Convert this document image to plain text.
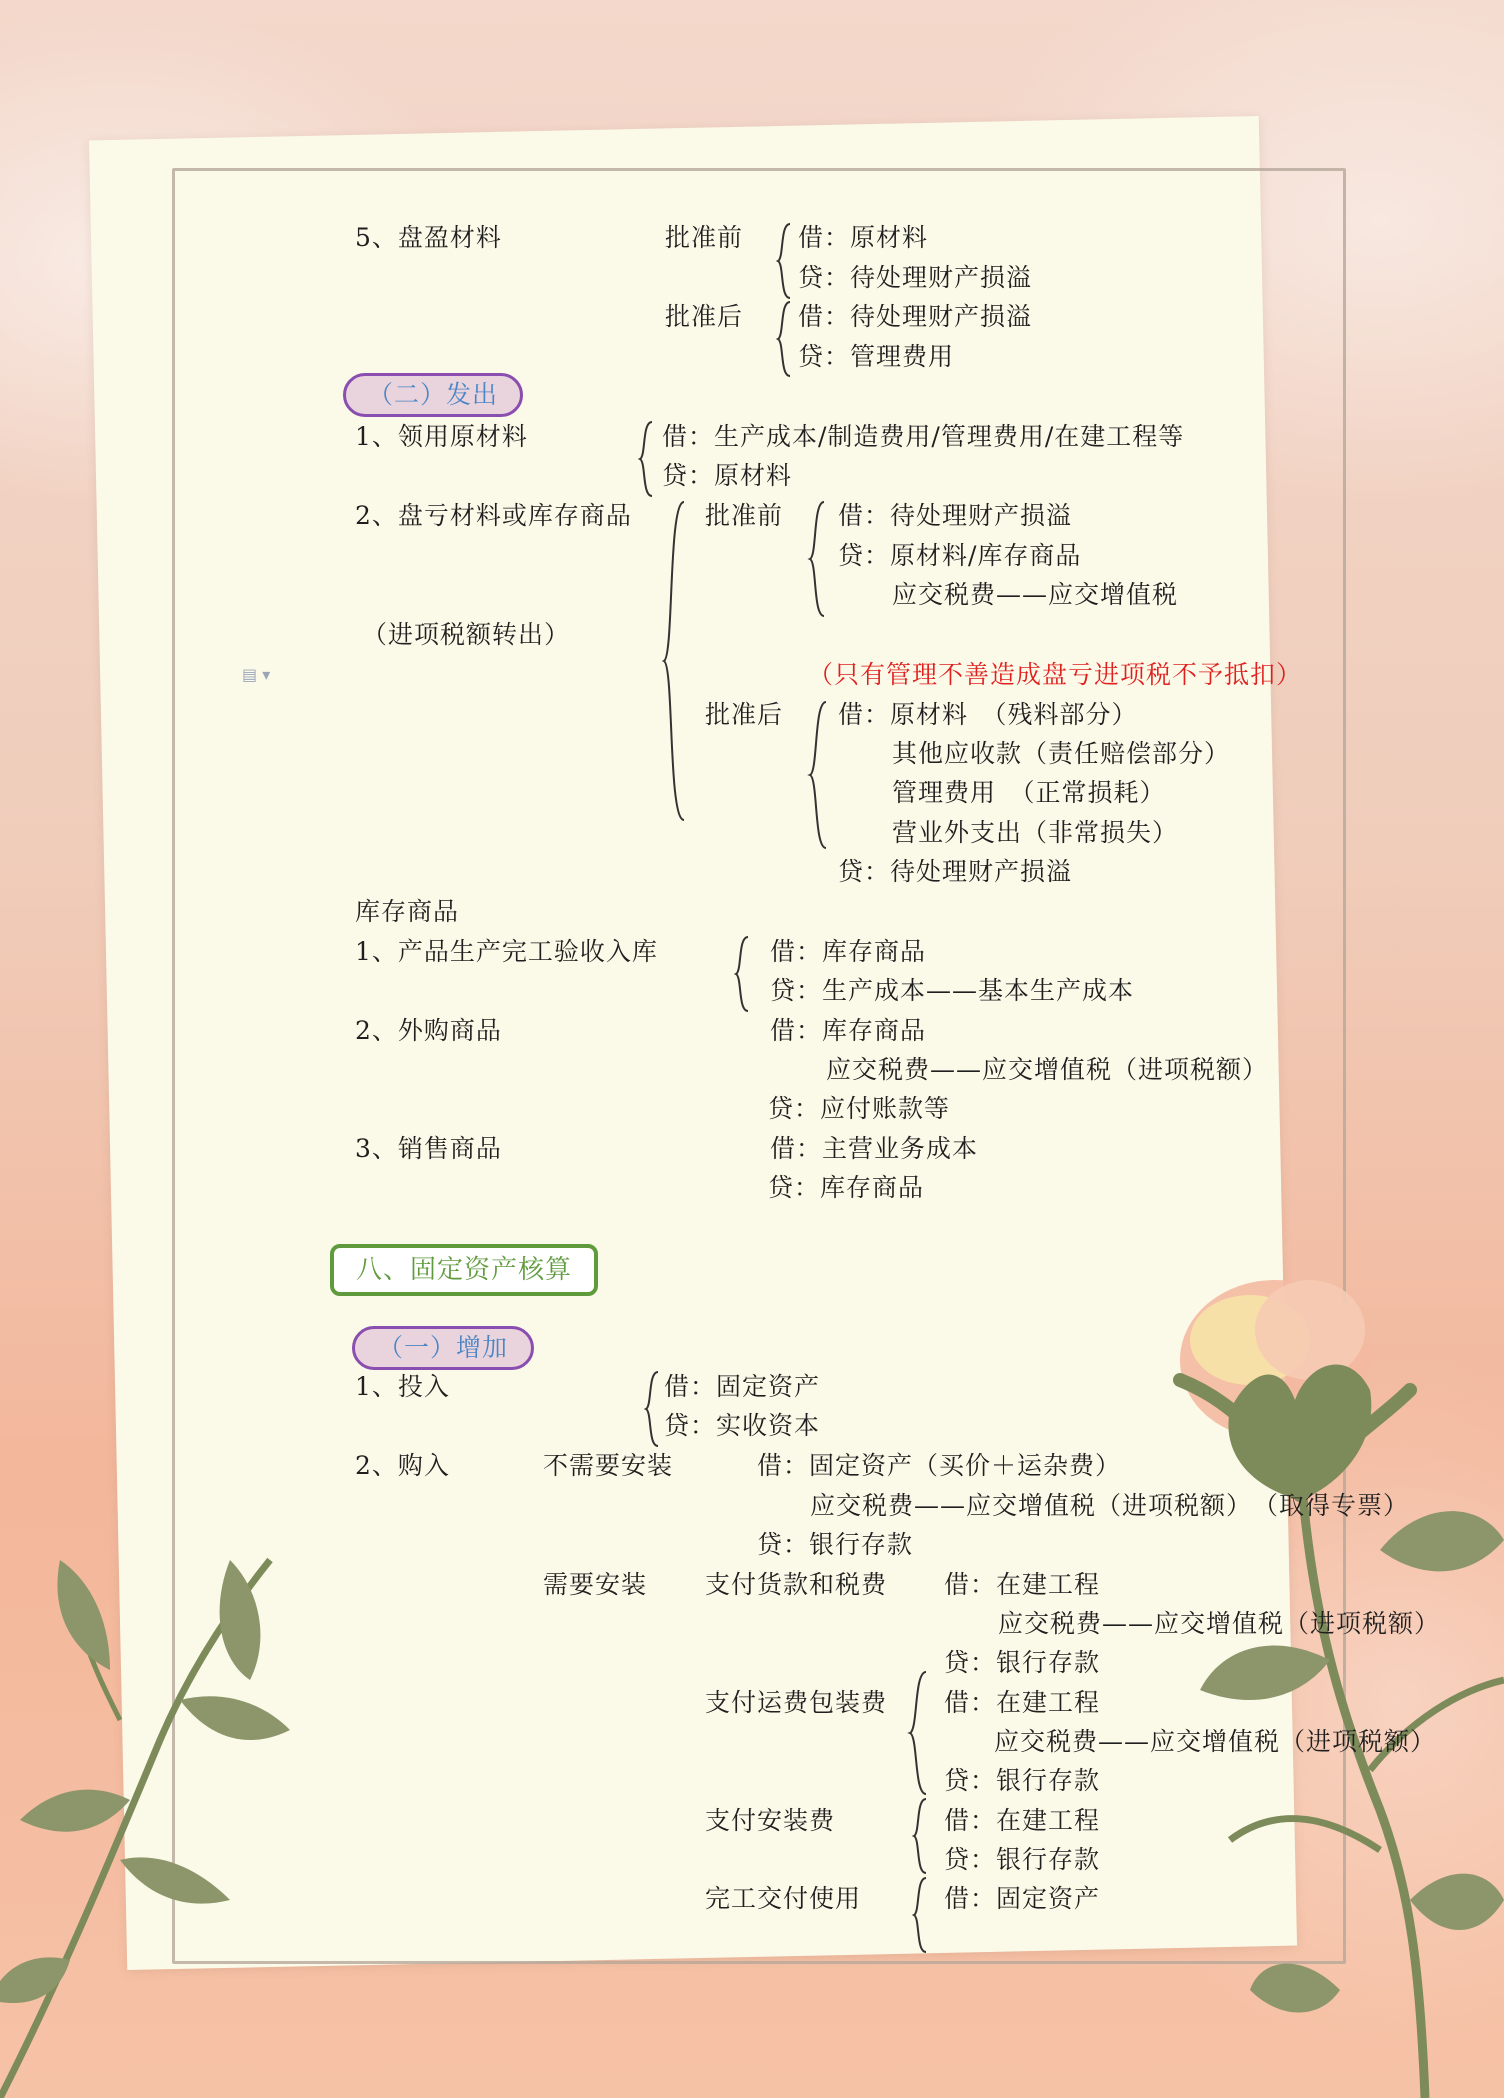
▤ ▾
5、盘盈材料	批准前 借：原材料
贷：待处理财产损溢
批准后 借：待处理财产损溢
贷：管理费用
（二）发出
1、领用原材料	借：生产成本/制造费用/管理费用/在建工程等
贷：原材料
2、盘亏材料或库存商品	批准前 借：待处理财产损溢
贷：原材料/库存商品
应交税费——应交增值税
（进项税额转出）
（只有管理不善造成盘亏进项税不予抵扣）
批准后 借：原材料　（残料部分）
其他应收款（责任赔偿部分）
管理费用　（正常损耗）
营业外支出（非常损失）
贷：待处理财产损溢
库存商品
1、产品生产完工验收入库	借：库存商品
贷：生产成本——基本生产成本
2、外购商品	借：库存商品
应交税费——应交增值税（进项税额）
贷：应付账款等
3、销售商品	借：主营业务成本
贷：库存商品
八、固定资产核算
（一）增加
1、投入	借：固定资产
贷：实收资本
2、购入	不需要安装	借：固定资产（买价＋运杂费）
应交税费——应交增值税（进项税额）　（取得专票）
贷：银行存款
需要安装 支付货款和税费 借：在建工程
应交税费——应交增值税（进项税额）
贷：银行存款
支付运费包装费 借：在建工程
应交税费——应交增值税（进项税额）
贷：银行存款
支付安装费	借：在建工程
贷：银行存款
完工交付使用	借：固定资产
